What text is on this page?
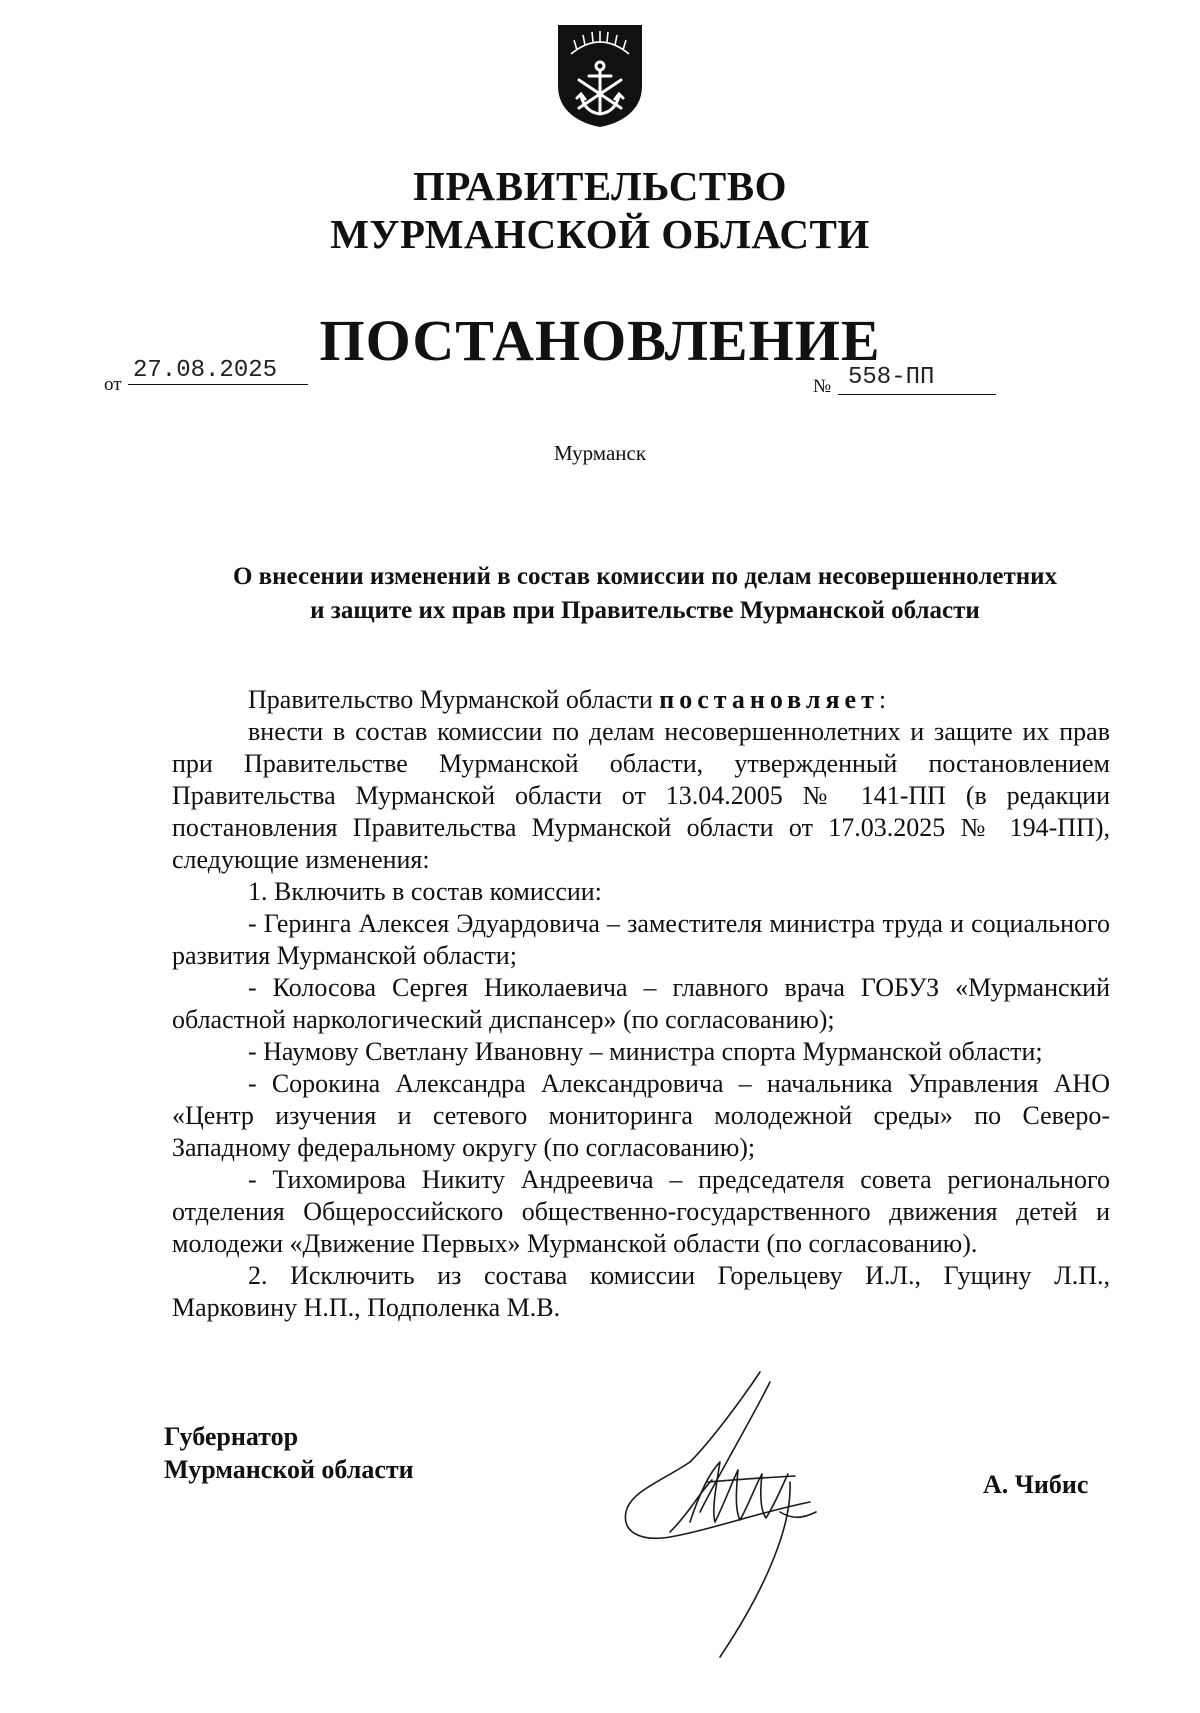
ПРАВИТЕЛЬСТВО
МУРМАНСКОЙ ОБЛАСТИ
ПОСТАНОВЛЕНИЕ
от
27.08.2025
№ 558-ПП
Мурманск
О внесении изменений в состав комиссии по делам несовершеннолетних
и защите их прав при Правительстве Мурманской области

Правительство Мурманской области постановляет:

внести в состав комиссии по делам несовершеннолетних и защите их прав при Правительстве Мурманской области, утвержденный постановлением Правительства Мурманской области от 13.04.2005 № 141-ПП (в редакции постановления Правительства Мурманской области от 17.03.2025 № 194-ПП), следующие изменения:

1. Включить в состав комиссии:

- Геринга Алексея Эдуардовича – заместителя министра труда и социального развития Мурманской области;

- Колосова Сергея Николаевича – главного врача ГОБУЗ «Мурманский областной наркологический диспансер» (по согласованию);

- Наумову Светлану Ивановну – министра спорта Мурманской области;

- Сорокина Александра Александровича – начальника Управления АНО «Центр изучения и сетевого мониторинга молодежной среды» по Северо-Западному федеральному округу (по согласованию);

- Тихомирова Никиту Андреевича – председателя совета регионального отделения Общероссийского общественно-государственного движения детей и молодежи «Движение Первых» Мурманской области (по согласованию).

2. Исключить из состава комиссии Горельцеву И.Л., Гущину Л.П., Марковину Н.П., Подполенка М.В.

Губернатор
Мурманской области
А. Чибис
